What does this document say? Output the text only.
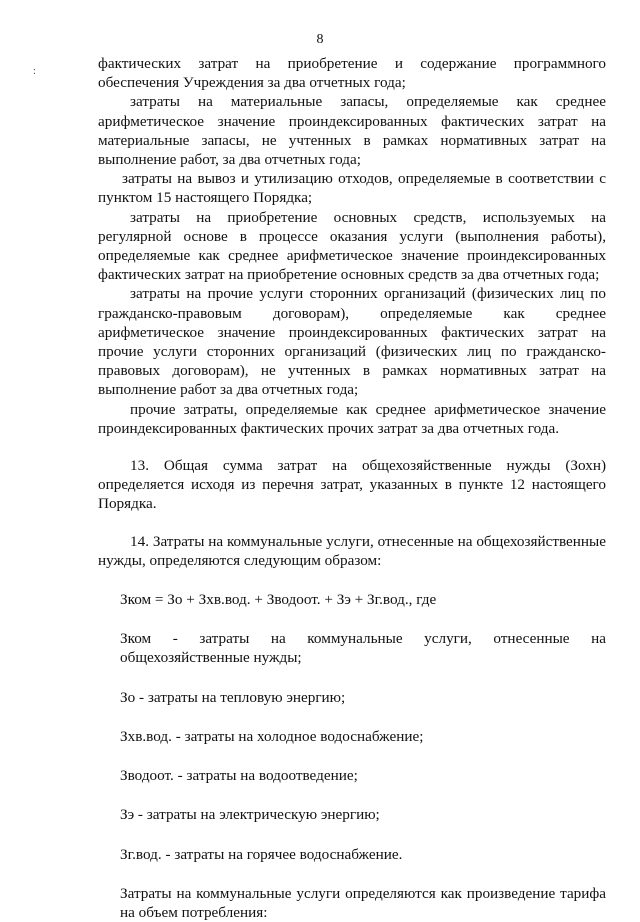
8
:	фактических затрат на приобретение и содержание программного обеспечения Учреждения за два отчетных года;

затраты на материальные запасы, определяемые как среднее арифметическое значение проиндексированных фактических затрат на материальные запасы, не учтенных в рамках нормативных затрат на выполнение работ, за два отчетных года;

затраты на вывоз и утилизацию отходов, определяемые в соответствии с пунктом 15 настоящего Порядка;

затраты на приобретение основных средств, используемых на регулярной основе в процессе оказания услуги (выполнения работы), определяемые как среднее арифметическое значение проиндексированных фактических затрат на приобретение основных средств за два отчетных года;

затраты на прочие услуги сторонних организаций (физических лиц по гражданско-правовым договорам), определяемые как среднее арифметическое значение проиндексированных фактических затрат на прочие услуги сторонних организаций (физических лиц по гражданско-правовых договорам), не учтенных в рамках нормативных затрат на выполнение работ за два отчетных года;

прочие затраты, определяемые как среднее арифметическое значение проиндексированных фактических прочих затрат за два отчетных года.

13. Общая сумма затрат на общехозяйственные нужды (Зохн) определяется исходя из перечня затрат, указанных в пункте 12 настоящего Порядка.

14. Затраты на коммунальные услуги, отнесенные на общехозяйственные нужды, определяются следующим образом:

Зком = Зо + Зхв.вод. + Зводоот. + Зэ + Зг.вод., где

Зком - затраты на коммунальные услуги, отнесенные на общехозяйственные нужды;

Зо - затраты на тепловую энергию;

Зхв.вод. - затраты на холодное водоснабжение;

Зводоот. - затраты на водоотведение;

Зэ - затраты на электрическую энергию;

Зг.вод. - затраты на горячее водоснабжение.

Затраты на коммунальные услуги определяются как произведение тарифа на объем потребления:
